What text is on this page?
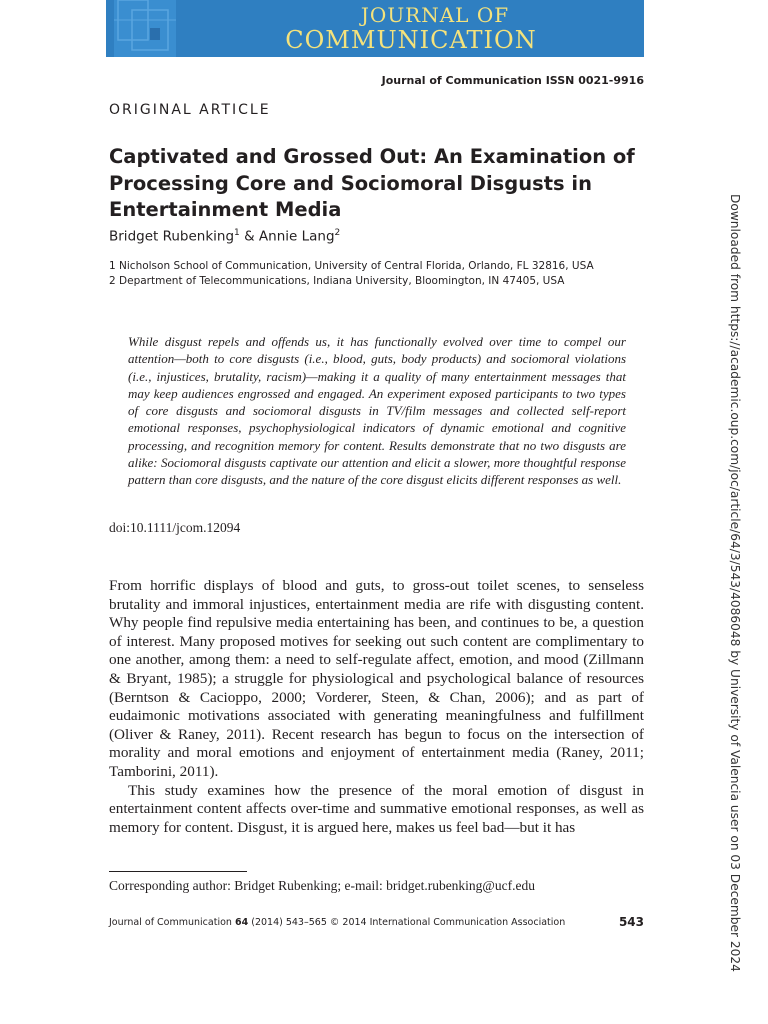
JOURNAL OF
COMMUNICATION
Journal of Communication ISSN 0021-9916
ORIGINAL ARTICLE
Captivated and Grossed Out: An Examination of Processing Core and Sociomoral Disgusts in Entertainment Media
Bridget Rubenking$^1$ & Annie Lang$^2$
1 Nicholson School of Communication, University of Central Florida, Orlando, FL 32816, USA
2 Department of Telecommunications, Indiana University, Bloomington, IN 47405, USA

While disgust repels and offends us, it has functionally evolved over time to compel our attention—both to core disgusts (i.e., blood, guts, body products) and sociomoral violations (i.e., injustices, brutality, racism)—making it a quality of many entertainment messages that may keep audiences engrossed and engaged. An experiment exposed participants to two types of core disgusts and sociomoral disgusts in TV/film messages and collected self-report emotional responses, psychophysiological indicators of dynamic emotional and cognitive processing, and recognition memory for content. Results demonstrate that no two disgusts are alike: Sociomoral disgusts captivate our attention and elicit a slower, more thoughtful response pattern than core disgusts, and the nature of the core disgust elicits different responses as well.

doi:10.1111/jcom.12094

From horrific displays of blood and guts, to gross-out toilet scenes, to senseless brutality and immoral injustices, entertainment media are rife with disgusting content. Why people find repulsive media entertaining has been, and continues to be, a question of interest. Many proposed motives for seeking out such content are complimentary to one another, among them: a need to self-regulate affect, emotion, and mood (Zillmann & Bryant, 1985); a struggle for physiological and psychological balance of resources (Berntson & Cacioppo, 2000; Vorderer, Steen, & Chan, 2006); and as part of eudaimonic motivations associated with generating meaningfulness and fulfillment (Oliver & Raney, 2011). Recent research has begun to focus on the intersection of morality and moral emotions and enjoyment of entertainment media (Raney, 2011; Tamborini, 2011).

This study examines how the presence of the moral emotion of disgust in entertainment content affects over-time and summative emotional responses, as well as memory for content. Disgust, it is argued here, makes us feel bad—but it has

Corresponding author: Bridget Rubenking; e-mail: bridget.rubenking@ucf.edu
Journal of Communication 64 (2014) 543–565 © 2014 International Communication Association	543	Downloaded from https://academic.oup.com/joc/article/64/3/543/4086048 by University of Valencia user on 03 December 2024
